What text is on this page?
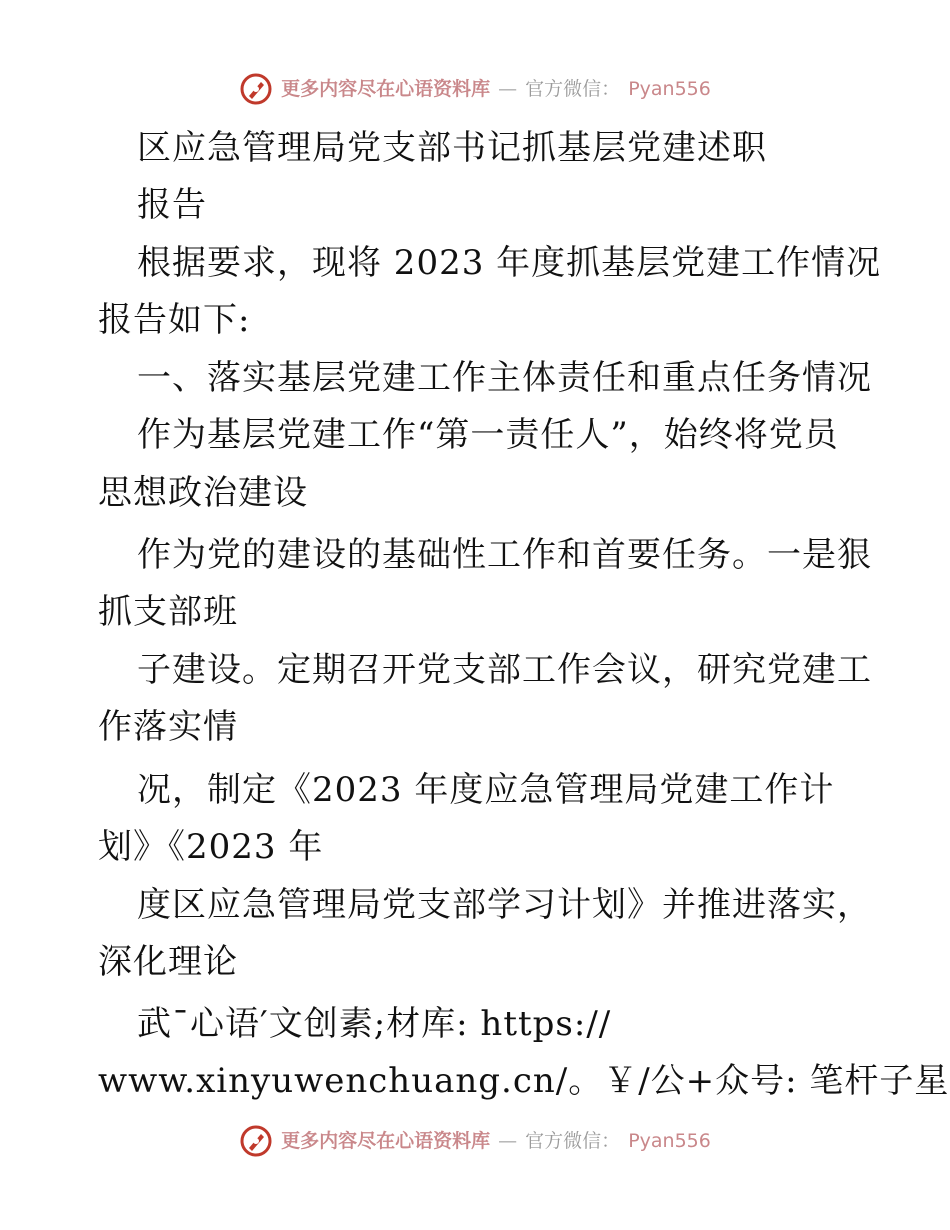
更多内容尽在心语资料库 — 官方微信： Pyan556
区应急管理局党支部书记抓基层党建述职
报告
根据要求，现将 2023 年度抓基层党建工作情况
报告如下:
一、落实基层党建工作主体责任和重点任务情况
作为基层党建工作“第一责任人”，始终将党员
思想政治建设
作为党的建设的基础性工作和首要任务。一是狠
抓支部班
子建设。定期召开党支部工作会议，研究党建工
作落实情
况，制定《2023 年度应急管理局党建工作计
划》《2023 年
度区应急管理局党支部学习计划》并推进落实，
深化理论
武¯心语′文创素;材库: https://
www.xinyuwenchuang.cn/。￥/公+众号: 笔杆子星
更多内容尽在心语资料库 — 官方微信： Pyan556
